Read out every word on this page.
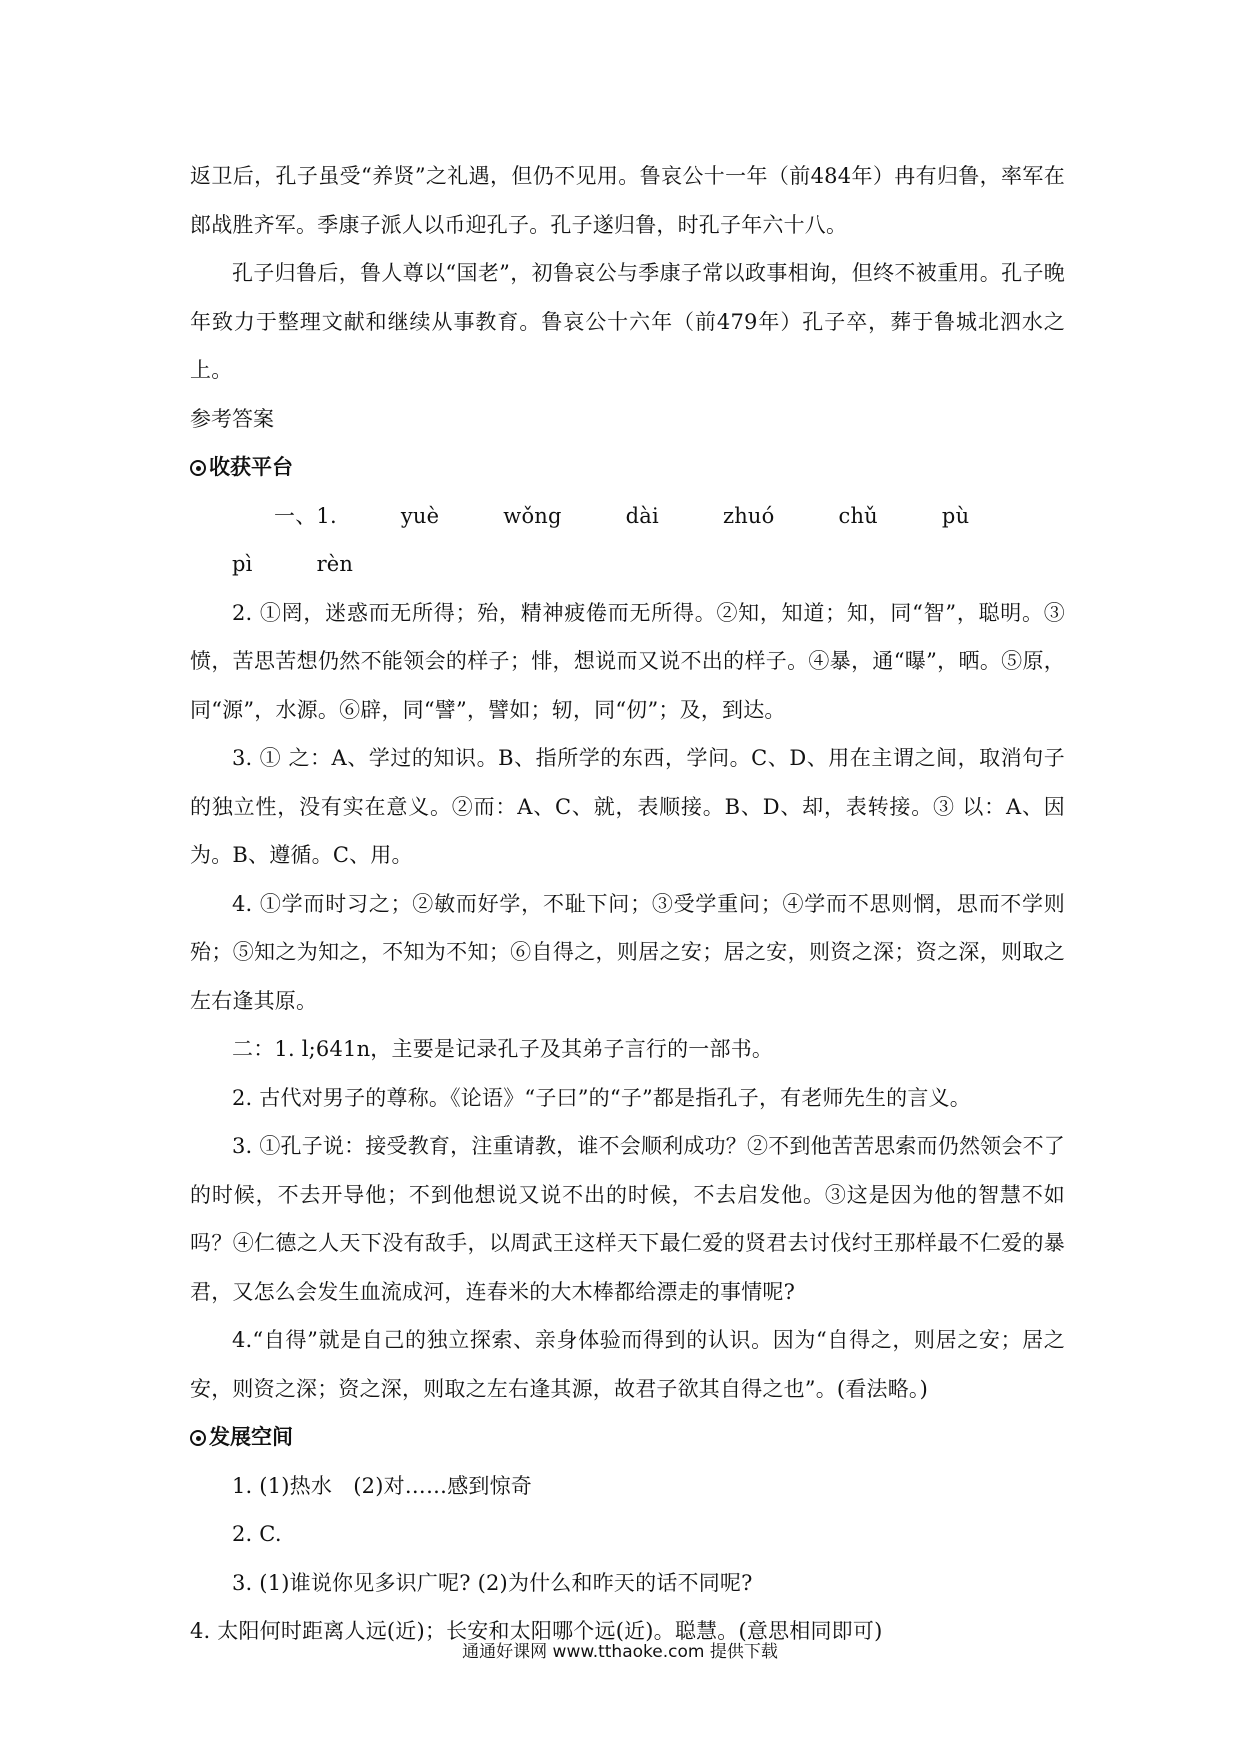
返卫后，孔子虽受“养贤”之礼遇，但仍不见用。鲁哀公十一年（前484年）冉有归鲁，率军在郎战胜齐军。季康子派人以币迎孔子。孔子遂归鲁，时孔子年六十八。

孔子归鲁后，鲁人尊以“国老”，初鲁哀公与季康子常以政事相询，但终不被重用。孔子晚年致力于整理文献和继续从事教育。鲁哀公十六年（前479年）孔子卒，葬于鲁城北泗水之上。

参考答案

收获平台

一、1.	yuè	wǒng	dài	zhuó	chǔ	pùpì	rèn

2. ①罔，迷惑而无所得；殆，精神疲倦而无所得。②知，知道；知，同“智”，聪明。③愤，苦思苦想仍然不能领会的样子；悱，想说而又说不出的样子。④暴，通“曝”，晒。⑤原，同“源”，水源。⑥辟，同“譬”，譬如；轫，同“仞”；及，到达。

3. ① 之：A、学过的知识。B、指所学的东西，学问。C、D、用在主谓之间，取消句子的独立性，没有实在意义。②而：A、C、就，表顺接。B、D、却，表转接。③ 以：A、因为。B、遵循。C、用。

4. ①学而时习之；②敏而好学，不耻下问；③受学重问；④学而不思则惘，思而不学则殆；⑤知之为知之，不知为不知；⑥自得之，则居之安；居之安，则资之深；资之深，则取之左右逢其原。

二：1. l;641n，主要是记录孔子及其弟子言行的一部书。

2. 古代对男子的尊称。《论语》“子曰”的“子”都是指孔子，有老师先生的言义。

3. ①孔子说：接受教育，注重请教，谁不会顺利成功？②不到他苦苦思索而仍然领会不了的时候，不去开导他；不到他想说又说不出的时候，不去启发他。③这是因为他的智慧不如吗？④仁德之人天下没有敌手，以周武王这样天下最仁爱的贤君去讨伐纣王那样最不仁爱的暴君，又怎么会发生血流成河，连春米的大木棒都给漂走的事情呢?

4.“自得”就是自己的独立探索、亲身体验而得到的认识。因为“自得之，则居之安；居之安，则资之深；资之深，则取之左右逢其源，故君子欲其自得之也”。(看法略。)

发展空间

1. (1)热水　(2)对……感到惊奇

2. C.

3. (1)谁说你见多识广呢? (2)为什么和昨天的话不同呢?

4. 太阳何时距离人远(近)；长安和太阳哪个远(近)。聪慧。(意思相同即可)

通通好课网 www.tthaoke.com 提供下载
